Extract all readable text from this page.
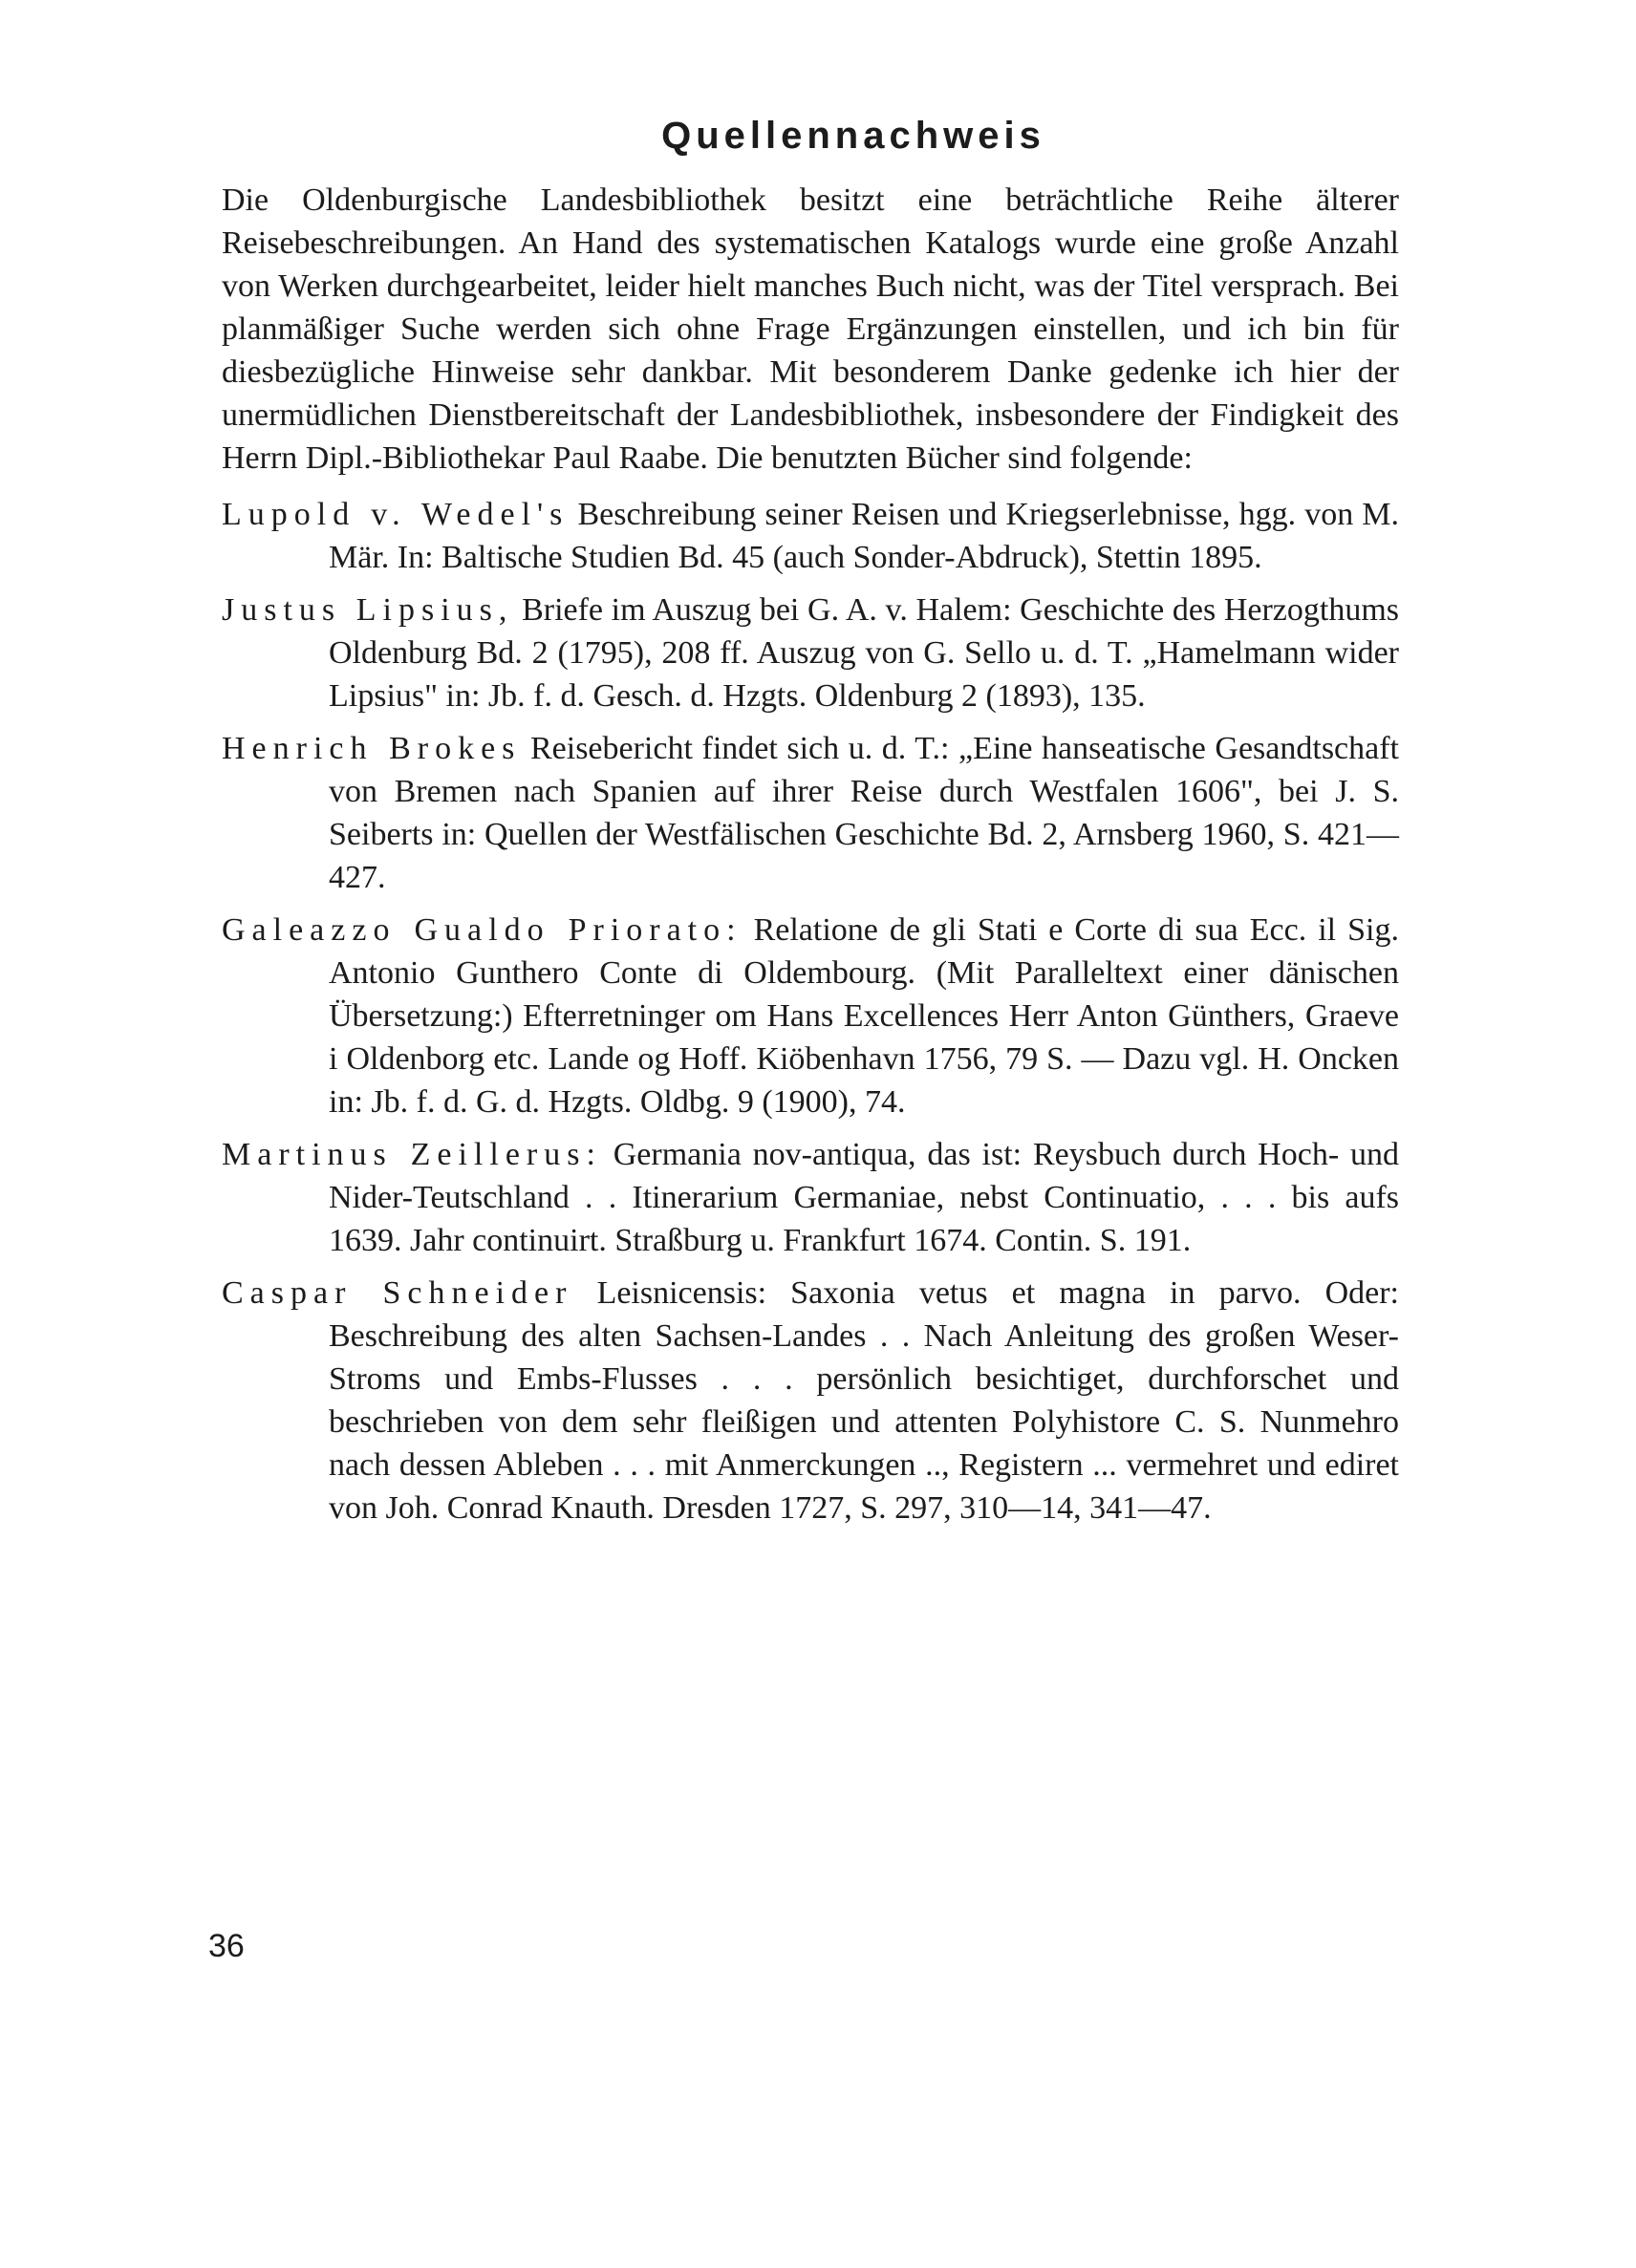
Quellennachweis

Die Oldenburgische Landesbibliothek besitzt eine beträchtliche Reihe älterer Reisebeschreibungen. An Hand des systematischen Katalogs wurde eine große Anzahl von Werken durchgearbeitet, leider hielt manches Buch nicht, was der Titel versprach. Bei planmäßiger Suche werden sich ohne Frage Ergänzungen einstellen, und ich bin für diesbezügliche Hinweise sehr dankbar. Mit besonderem Danke gedenke ich hier der unermüdlichen Dienstbereitschaft der Landesbibliothek, insbesondere der Findigkeit des Herrn Dipl.-Bibliothekar Paul Raabe. Die benutzten Bücher sind folgende:

Lupold v. Wedel's Beschreibung seiner Reisen und Kriegserlebnisse, hgg. von M. Mär. In: Baltische Studien Bd. 45 (auch Sonder-Abdruck), Stettin 1895.

Justus Lipsius, Briefe im Auszug bei G. A. v. Halem: Geschichte des Herzogthums Oldenburg Bd. 2 (1795), 208 ff. Auszug von G. Sello u. d. T. „Hamelmann wider Lipsius" in: Jb. f. d. Gesch. d. Hzgts. Oldenburg 2 (1893), 135.

Henrich Brokes Reisebericht findet sich u. d. T.: „Eine hanseatische Gesandtschaft von Bremen nach Spanien auf ihrer Reise durch Westfalen 1606", bei J. S. Seiberts in: Quellen der Westfälischen Geschichte Bd. 2, Arnsberg 1960, S. 421—427.

Galeazzo Gualdo Priorato: Relatione de gli Stati e Corte di sua Ecc. il Sig. Antonio Gunthero Conte di Oldembourg. (Mit Paralleltext einer dänischen Übersetzung:) Efterretninger om Hans Excellences Herr Anton Günthers, Graeve i Oldenborg etc. Lande og Hoff. Kiöbenhavn 1756, 79 S. — Dazu vgl. H. Oncken in: Jb. f. d. G. d. Hzgts. Oldbg. 9 (1900), 74.

Martinus Zeillerus: Germania nov-antiqua, das ist: Reysbuch durch Hoch- und Nider-Teutschland . . Itinerarium Germaniae, nebst Continuatio, . . . bis aufs 1639. Jahr continuirt. Straßburg u. Frankfurt 1674. Contin. S. 191.

Caspar Schneider Leisnicensis: Saxonia vetus et magna in parvo. Oder: Beschreibung des alten Sachsen-Landes . . Nach Anleitung des großen Weser-Stroms und Embs-Flusses . . . persönlich besichtiget, durchforschet und beschrieben von dem sehr fleißigen und attenten Polyhistore C. S. Nunmehro nach dessen Ableben . . . mit Anmerckungen .., Registern ... vermehret und ediret von Joh. Conrad Knauth. Dresden 1727, S. 297, 310—14, 341—47.

36
